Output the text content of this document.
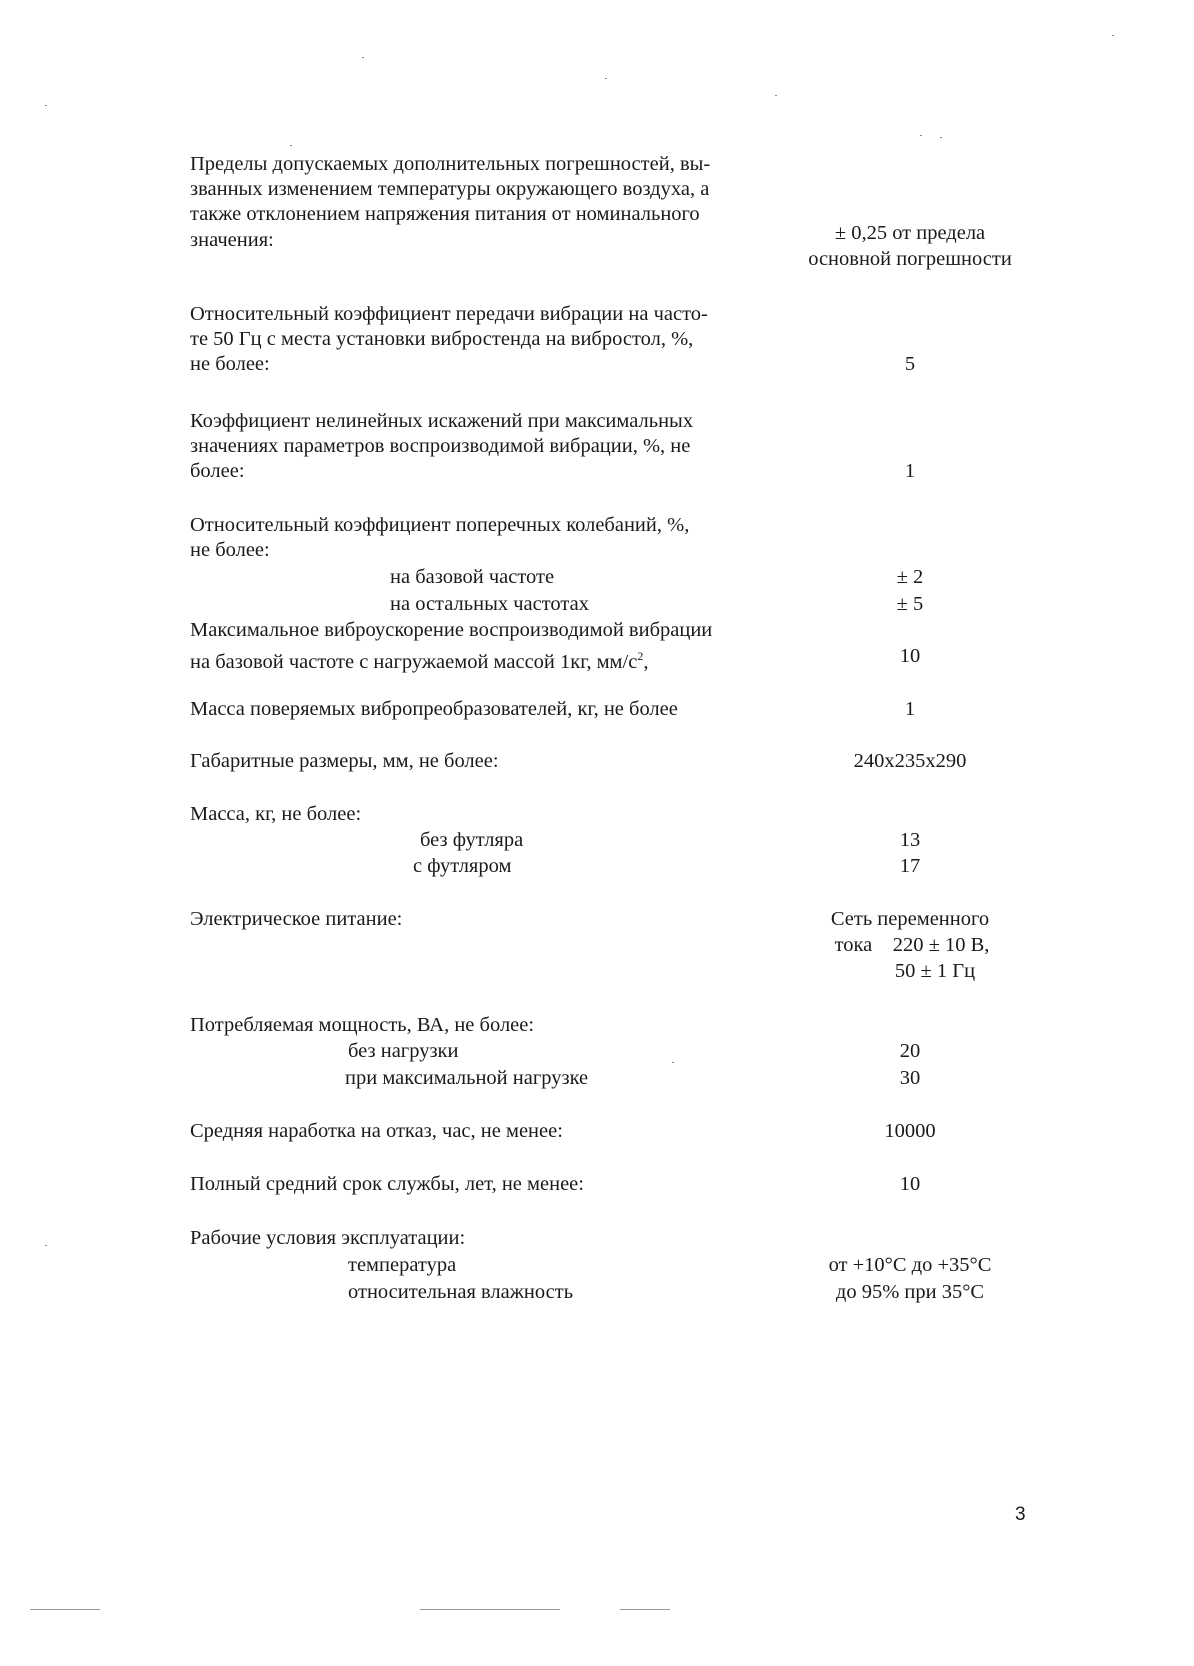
Пределы допускаемых дополнительных погрешностей, вы-
званных изменением температуры окружающего воздуха, а
также отклонением напряжения питания от номинального
значения:	± 0,25 от предела
основной погрешности
Относительный коэффициент передачи вибрации на часто-
те 50 Гц с места установки вибростенда на вибростол, %,
не более:	5
Коэффициент нелинейных искажений при максимальных
значениях параметров воспроизводимой вибрации, %, не
более:	1
Относительный коэффициент поперечных колебаний, %,
не более:
на базовой частоте	± 2
на остальных частотах	± 5
Максимальное виброускорение воспроизводимой вибрации
на базовой частоте с нагружаемой массой 1кг, $мм/с^2$,	10
Масса поверяемых вибропреобразователей, кг, не более	1
Габаритные размеры, мм, не более:	240x235x290
Масса, кг, не более:
без футляра	13
с футляром	17
Электрическое питание:	Сеть переменного
тока    220 ± 10 В,
50 ± 1 Гц
Потребляемая мощность, ВА, не более:
без нагрузки	20
при максимальной нагрузке	30
Средняя наработка на отказ, час, не менее:	10000
Полный средний срок службы, лет, не менее:	10
Рабочие условия эксплуатации:
температура	от +10°С до +35°С
относительная влажность	до 95% при 35°С
3
